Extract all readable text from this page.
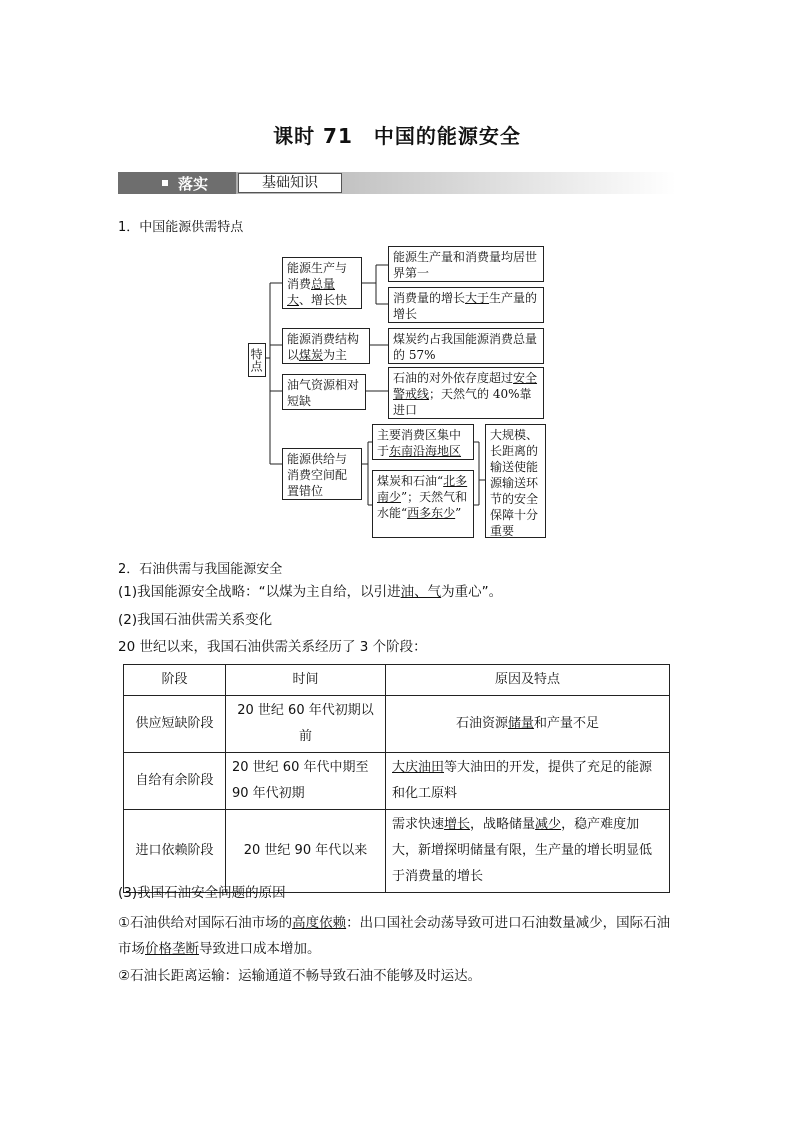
课时 71　中国的能源安全
落实	基础知识
1．中国能源供需特点
特点
能源生产与消费总量大、增长快
能源消费结构以煤炭为主
油气资源相对短缺
能源供给与消费空间配置错位
能源生产量和消费量均居世界第一
消费量的增长大于生产量的增长
煤炭约占我国能源消费总量的 57%
石油的对外依存度超过安全警戒线；天然气的 40%靠进口
主要消费区集中于东南沿海地区
煤炭和石油“北多南少”；天然气和水能“西多东少”
大规模、长距离的输送使能源输送环节的安全保障十分重要
2．石油供需与我国能源安全
(1)我国能源安全战略：“以煤为主自给，以引进油、气为重心”。
(2)我国石油供需关系变化
20 世纪以来，我国石油供需关系经历了 3 个阶段：
阶段	时间	原因及特点
供应短缺阶段	20 世纪 60 年代初期以前	石油资源储量和产量不足
自给有余阶段	20 世纪 60 年代中期至 90 年代初期	大庆油田等大油田的开发，提供了充足的能源和化工原料
进口依赖阶段	20 世纪 90 年代以来	需求快速增长，战略储量减少，稳产难度加大，新增探明储量有限，生产量的增长明显低于消费量的增长
(3)我国石油安全问题的原因
①石油供给对国际石油市场的高度依赖：出口国社会动荡导致可进口石油数量减少，国际石油市场价格垄断导致进口成本增加。
②石油长距离运输：运输通道不畅导致石油不能够及时运达。
